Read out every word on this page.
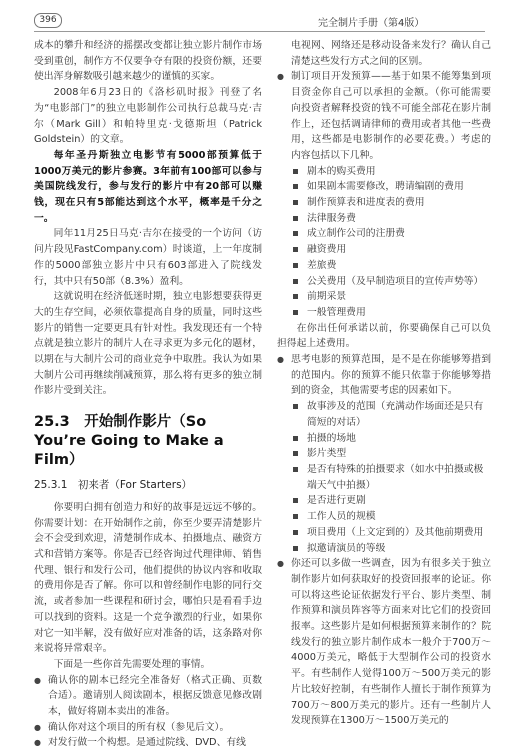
396	完全制片手册（第4版）

成本的攀升和经济的摇摆改变都让独立影片制作市场受到重创，制作方不仅要争夺有限的投资份额，还要使出浑身解数吸引越来越少的谨慎的买家。

2008年6月23日的《洛杉矶时报》刊登了名为“电影部门”的独立电影制作公司执行总裁马克·吉尔（Mark Gill）和帕特里克·戈德斯坦（Patrick Goldstein）的文章。

每年圣丹斯独立电影节有5000部预算低于1000万美元的影片参赛。3年前有100部可以参与美国院线发行，参与发行的影片中有20部可以赚钱，现在只有5部能达到这个水平，概率是千分之一。

同年11月25日马克·吉尔在接受的一个访问（访问片段见FastCompany.com）时谈道，上一年度制作的5000部独立影片中只有603部进入了院线发行，其中只有50部（8.3%）盈利。

这就说明在经济低迷时期，独立电影想要获得更大的生存空间，必须依靠提高自身的质量，同时这些影片的销售一定要更具有针对性。我发现还有一个特点就是独立影片的制片人在寻求更为多元化的题材，以期在与大制片公司的商业竞争中取胜。我认为如果大制片公司再继续削减预算，那么将有更多的独立制作影片受到关注。

25.3　开始制作影片（So You’re Going to Make a Film）
25.3.1　初来者（For Starters）

你要明白拥有创造力和好的故事是远远不够的。你需要计划：在开始制作之前，你至少要弄清楚影片会不会受到欢迎，清楚制作成本、拍摄地点、融资方式和营销方案等。你是否已经咨询过代理律师、销售代理、银行和发行公司，他们提供的协议内容和收取的费用你是否了解。你可以和曾经制作电影的同行交流，或者参加一些课程和研讨会，哪怕只是看看手边可以找到的资料。这是一个竞争激烈的行业，如果你对它一知半解，没有做好应对准备的话，这条路对你来说将异常艰辛。

下面是一些你首先需要处理的事情。

● 确认你的剧本已经完全准备好（格式正确、页数合适）。邀请别人阅读剧本，根据反馈意见修改剧本，做好将剧本卖出的准备。
● 确认你对这个项目的所有权（参见后文）。
● 对发行做一个构想。是通过院线、DVD、有线

电视网、网络还是移动设备来发行？确认自己清楚这些发行方式之间的区别。

● 制订项目开发预算——基于如果不能筹集到项目资金你自己可以承担的金额。（你可能需要向投资者解释投资的钱不可能全部花在影片制作上，还包括调请律师的费用或者其他一些费用，这些都是电影制作的必要花费。）考虑的内容包括以下几种。
剧本的购买费用
如果剧本需要修改，聘请编剧的费用
制作预算表和进度表的费用
法律服务费
成立制作公司的注册费
融资费用
差旅费
公关费用（及早制造项目的宣传声势等）
前期采景
一般管理费用

在你出任何承诺以前，你要确保自己可以负担得起上述费用。

● 思考电影的预算范围，是不是在你能够筹措到的范围内。你的预算不能只依靠于你能够筹措到的资金，其他需要考虑的因素如下。
故事涉及的范围（充满动作场面还是只有简短的对话）
拍摄的场地
影片类型
是否有特殊的拍摄要求（如水中拍摄或极端天气中拍摄）
是否进行更剧
工作人员的规模
项目费用（上文定到的）及其他前期费用
拟邀请演员的等级
● 你还可以多做一些调查，因为有很多关于独立制作影片如何获取好的投资回报率的论证。你可以将这些论证依据发行平台、影片类型、制作预算和演员阵容等方面来对比它们的投资回报率。这些影片是如何根据预算来制作的？院线发行的独立影片制作成本一般介于700万～4000万美元，略低于大型制作公司的投资水平。有些制作人觉得100万～500万美元的影片比较好控制，有些制作人擅长于制作预算为700万～800万美元的影片。还有一些制片人发现预算在1300万～1500万美元的
